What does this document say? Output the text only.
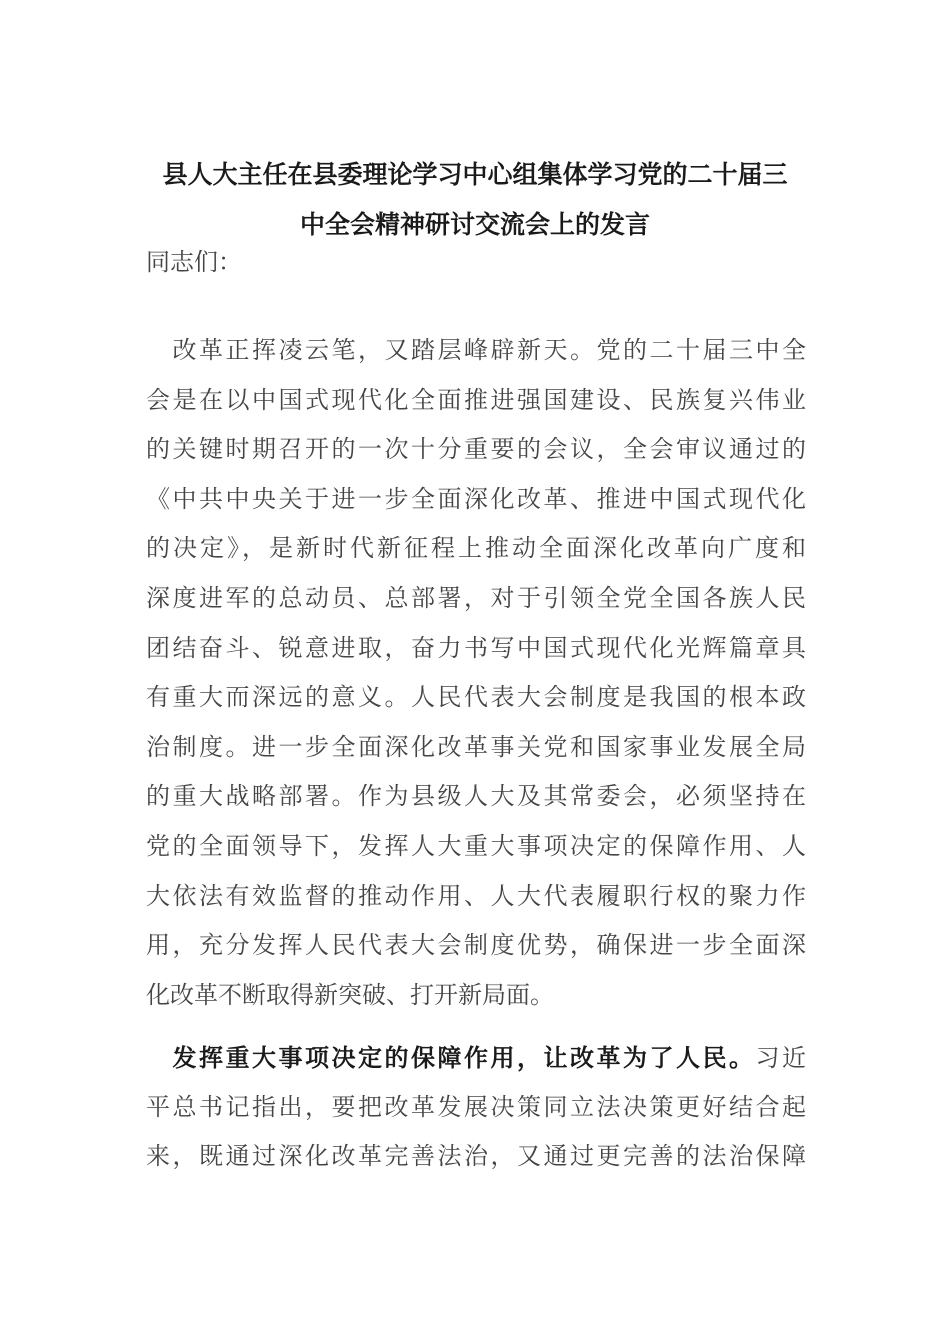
县人大主任在县委理论学习中心组集体学习党的二十届三
中全会精神研讨交流会上的发言
同志们：
　改革正挥凌云笔，又踏层峰辟新天。党的二十届三中全
会是在以中国式现代化全面推进强国建设、民族复兴伟业
的关键时期召开的一次十分重要的会议，全会审议通过的
《中共中央关于进一步全面深化改革、推进中国式现代化
的决定》，是新时代新征程上推动全面深化改革向广度和
深度进军的总动员、总部署，对于引领全党全国各族人民
团结奋斗、锐意进取，奋力书写中国式现代化光辉篇章具
有重大而深远的意义。人民代表大会制度是我国的根本政
治制度。进一步全面深化改革事关党和国家事业发展全局
的重大战略部署。作为县级人大及其常委会，必须坚持在
党的全面领导下，发挥人大重大事项决定的保障作用、人
大依法有效监督的推动作用、人大代表履职行权的聚力作
用，充分发挥人民代表大会制度优势，确保进一步全面深
化改革不断取得新突破、打开新局面。
　发挥重大事项决定的保障作用，让改革为了人民。习近
平总书记指出，要把改革发展决策同立法决策更好结合起
来，既通过深化改革完善法治，又通过更完善的法治保障
